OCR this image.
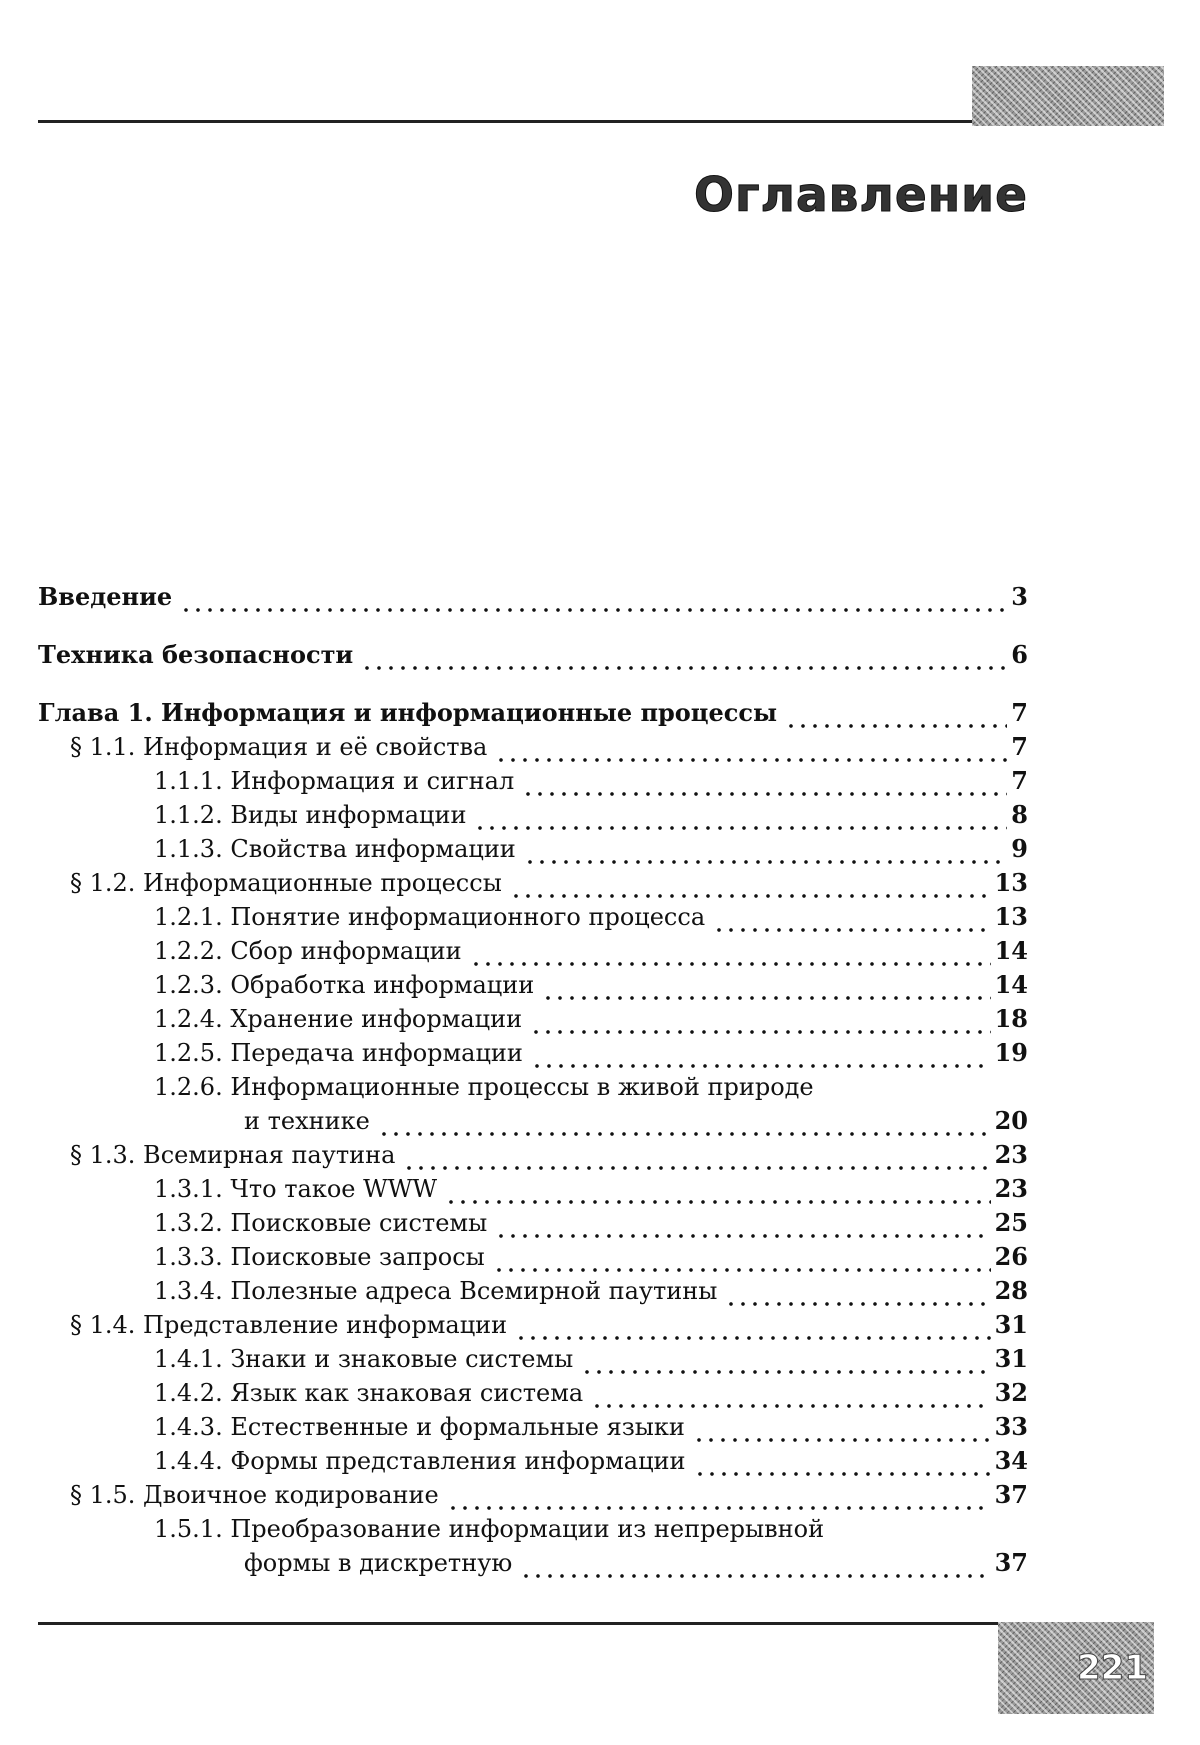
Оглавление
Введение	3
Техника безопасности	6
Глава 1. Информация и информационные процессы	7
§ 1.1. Информация и её свойства	7
1.1.1. Информация и сигнал	7
1.1.2. Виды информации	8
1.1.3. Свойства информации	9
§ 1.2. Информационные процессы	13
1.2.1. Понятие информационного процесса	13
1.2.2. Сбор информации	14
1.2.3. Обработка информации	14
1.2.4. Хранение информации	18
1.2.5. Передача информации	19
1.2.6. Информационные процессы в живой природе
и технике	20
§ 1.3. Всемирная паутина	23
1.3.1. Что такое WWW	23
1.3.2. Поисковые системы	25
1.3.3. Поисковые запросы	26
1.3.4. Полезные адреса Всемирной паутины	28
§ 1.4. Представление информации	31
1.4.1. Знаки и знаковые системы	31
1.4.2. Язык как знаковая система	32
1.4.3. Естественные и формальные языки	33
1.4.4. Формы представления информации	34
§ 1.5. Двоичное кодирование	37
1.5.1. Преобразование информации из непрерывной
формы в дискретную	37
221
